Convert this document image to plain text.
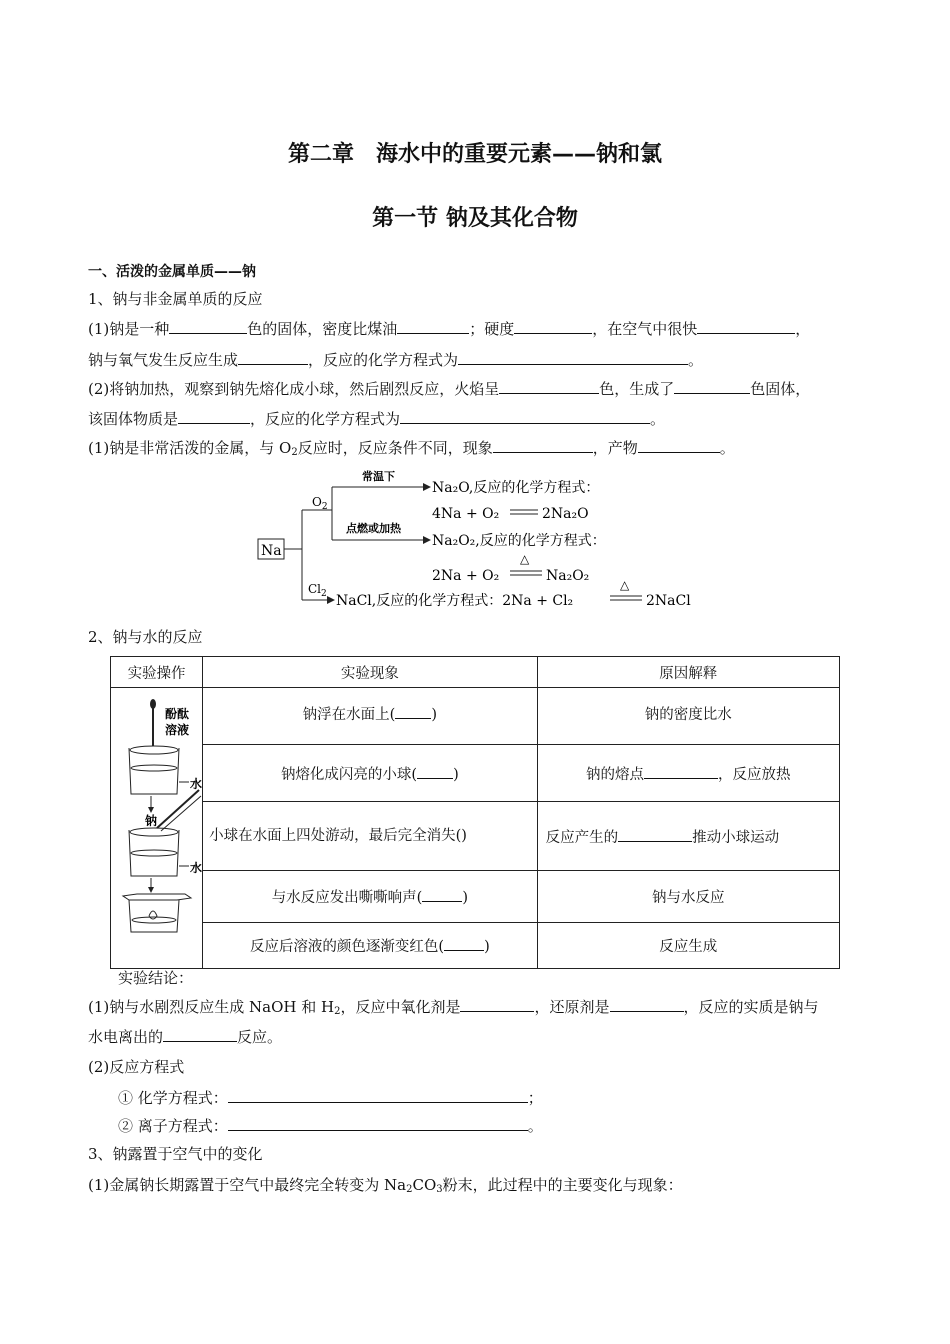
第二章　海水中的重要元素——钠和氯
第一节 钠及其化合物
一、活泼的金属单质——钠
1、钠与非金属单质的反应
(1)钠是一种	色的固体，密度比煤油	；硬度	，在空气中很快	，
钠与氧气发生反应生成	，反应的化学方程式为	。
(2)将钠加热，观察到钠先熔化成小球，然后剧烈反应，火焰呈	色，生成了	色固体，
该固体物质是	，反应的化学方程式为	。
(1)钠是非常活泼的金属，与 $O_2$反应时，反应条件不同，现象	，产物	。
Na
$O_2$
常温下
点燃或加热
Na₂O,反应的化学方程式：
4Na + O₂	2Na₂O
Na₂O₂,反应的化学方程式：
2Na + O₂
△
Na₂O₂
$Cl_2$ NaCl,反应的化学方程式：2Na + Cl₂
△
2NaCl
2、钠与水的反应
实验操作	实验现象	原因解释

酚酞
溶液
水
钠
水	钠浮在水面上( )	钠的密度比水
	钠熔化成闪亮的小球( )	钠的熔点 ，反应放热
	小球在水面上四处游动，最后完全消失()	反应产生的 推动小球运动
	与水反应发出嘶嘶响声( )	钠与水反应
	反应后溶液的颜色逐渐变红色( )	反应生成
实验结论：
(1)钠与水剧烈反应生成 NaOH 和 $H_2$，反应中氧化剂是	，还原剂是	，反应的实质是钠与
水电离出的	反应。
(2)反应方程式
① 化学方程式：	；
② 离子方程式：	。
3、钠露置于空气中的变化
(1)金属钠长期露置于空气中最终完全转变为 $Na_2CO_3$粉末，此过程中的主要变化与现象：
